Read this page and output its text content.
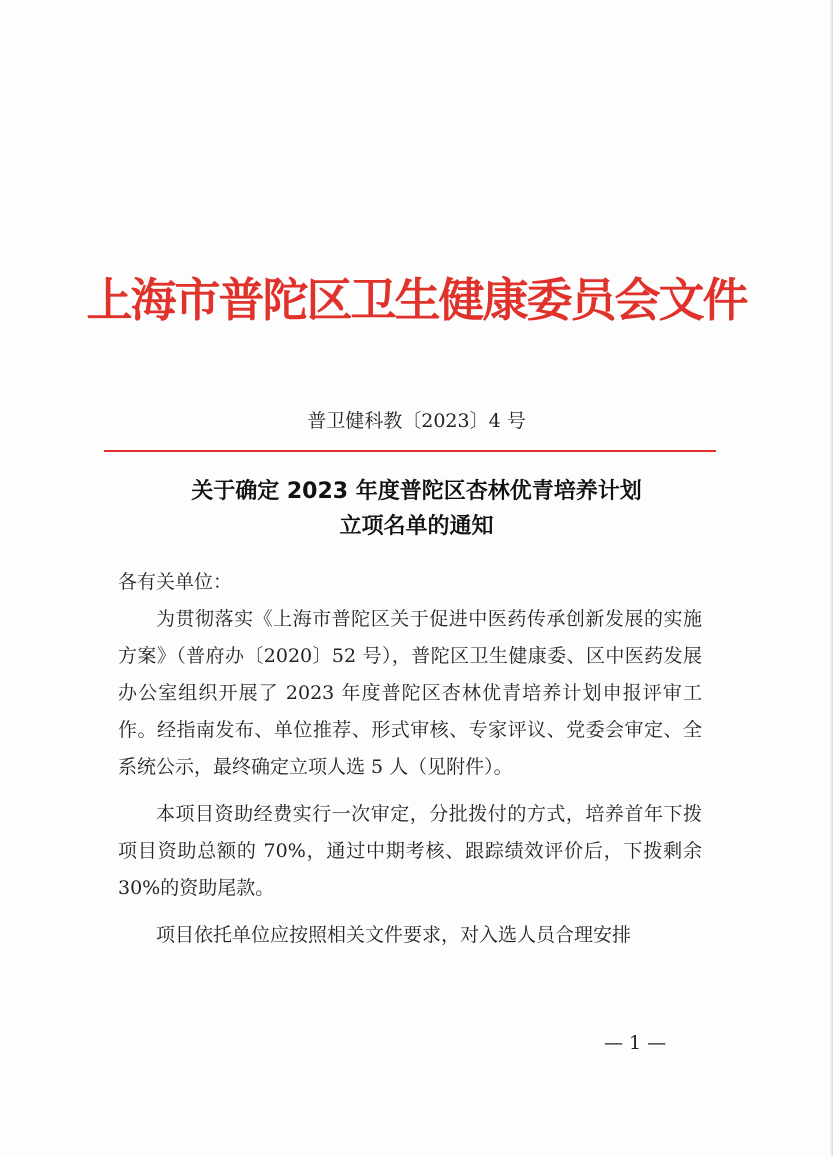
上海市普陀区卫生健康委员会文件
普卫健科教〔2023〕4 号
关于确定 2023 年度普陀区杏林优青培养计划
立项名单的通知

各有关单位：

为贯彻落实《上海市普陀区关于促进中医药传承创新发展的实施方案》（普府办〔2020〕52 号），普陀区卫生健康委、区中医药发展办公室组织开展了 2023 年度普陀区杏林优青培养计划申报评审工作。经指南发布、单位推荐、形式审核、专家评议、党委会审定、全系统公示，最终确定立项人选 5 人（见附件）。

本项目资助经费实行一次审定，分批拨付的方式，培养首年下拨项目资助总额的 70%，通过中期考核、跟踪绩效评价后，下拨剩余 30%的资助尾款。

项目依托单位应按照相关文件要求，对入选人员合理安排

— 1 —
